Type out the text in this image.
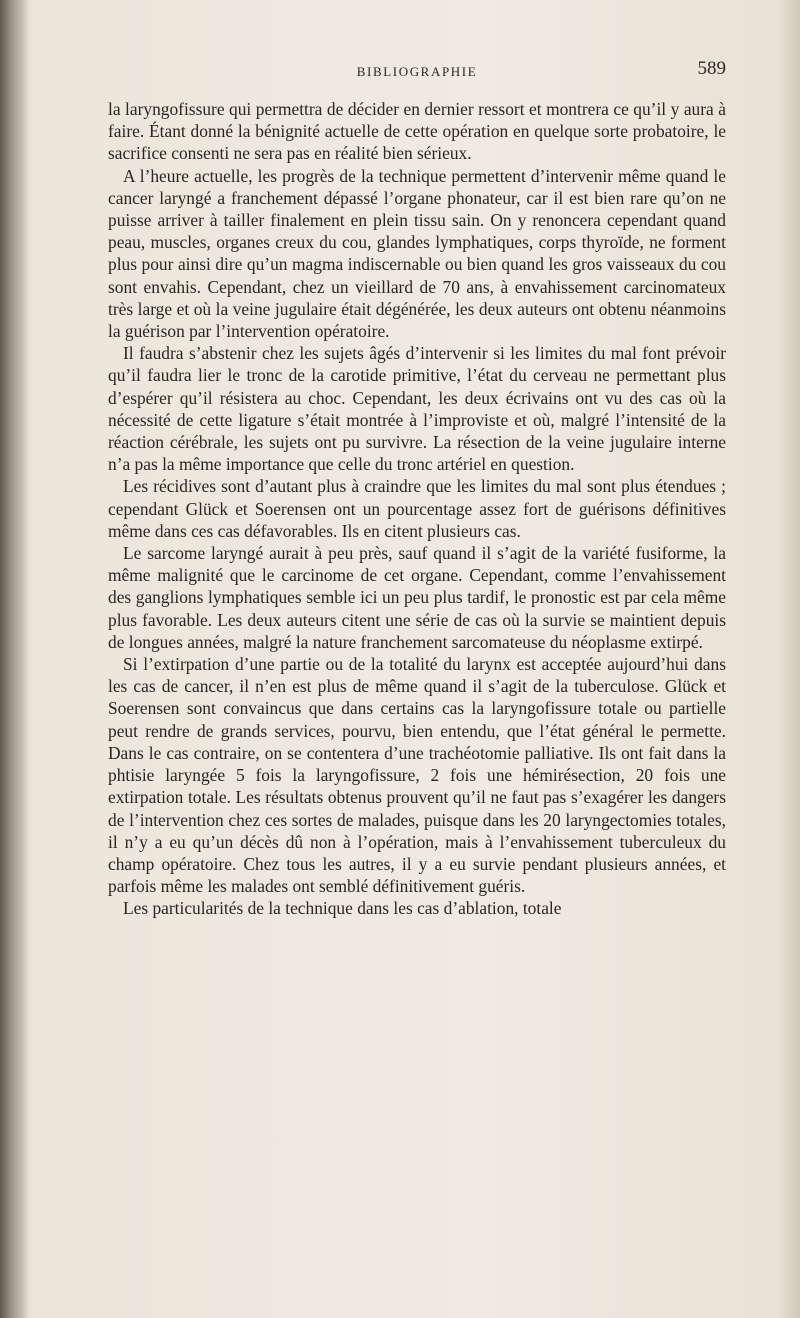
BIBLIOGRAPHIE	589

la laryngofissure qui permettra de décider en dernier ressort et montrera ce qu’il y aura à faire. Étant donné la bénignité actuelle de cette opération en quelque sorte probatoire, le sacrifice consenti ne sera pas en réalité bien sérieux.

A l’heure actuelle, les progrès de la technique permettent d’intervenir même quand le cancer laryngé a franchement dépassé l’organe phonateur, car il est bien rare qu’on ne puisse arriver à tailler finalement en plein tissu sain. On y renoncera cependant quand peau, muscles, organes creux du cou, glandes lymphatiques, corps thyroïde, ne forment plus pour ainsi dire qu’un magma indiscernable ou bien quand les gros vaisseaux du cou sont envahis. Cependant, chez un vieillard de 70 ans, à envahissement carcinomateux très large et où la veine jugulaire était dégénérée, les deux auteurs ont obtenu néanmoins la guérison par l’intervention opératoire.

Il faudra s’abstenir chez les sujets âgés d’intervenir si les limites du mal font prévoir qu’il faudra lier le tronc de la carotide primitive, l’état du cerveau ne permettant plus d’espérer qu’il résistera au choc. Cependant, les deux écrivains ont vu des cas où la nécessité de cette ligature s’était montrée à l’improviste et où, malgré l’intensité de la réaction cérébrale, les sujets ont pu survivre. La résection de la veine jugulaire interne n’a pas la même importance que celle du tronc artériel en question.

Les récidives sont d’autant plus à craindre que les limites du mal sont plus étendues ; cependant Glück et Soerensen ont un pourcentage assez fort de guérisons définitives même dans ces cas défavorables. Ils en citent plusieurs cas.

Le sarcome laryngé aurait à peu près, sauf quand il s’agit de la variété fusiforme, la même malignité que le carcinome de cet organe. Cependant, comme l’envahissement des ganglions lymphatiques semble ici un peu plus tardif, le pronostic est par cela même plus favorable. Les deux auteurs citent une série de cas où la survie se maintient depuis de longues années, malgré la nature franchement sarcomateuse du néoplasme extirpé.

Si l’extirpation d’une partie ou de la totalité du larynx est acceptée aujourd’hui dans les cas de cancer, il n’en est plus de même quand il s’agit de la tuberculose. Glück et Soerensen sont convaincus que dans certains cas la laryngofissure totale ou partielle peut rendre de grands services, pourvu, bien entendu, que l’état général le permette. Dans le cas contraire, on se contentera d’une trachéotomie palliative. Ils ont fait dans la phtisie laryngée 5 fois la laryngofissure, 2 fois une hémirésection, 20 fois une extirpation totale. Les résultats obtenus prouvent qu’il ne faut pas s’exagérer les dangers de l’intervention chez ces sortes de malades, puisque dans les 20 laryngectomies totales, il n’y a eu qu’un décès dû non à l’opération, mais à l’envahissement tuberculeux du champ opératoire. Chez tous les autres, il y a eu survie pendant plusieurs années, et parfois même les malades ont semblé définitivement guéris.

Les particularités de la technique dans les cas d’ablation, totale
